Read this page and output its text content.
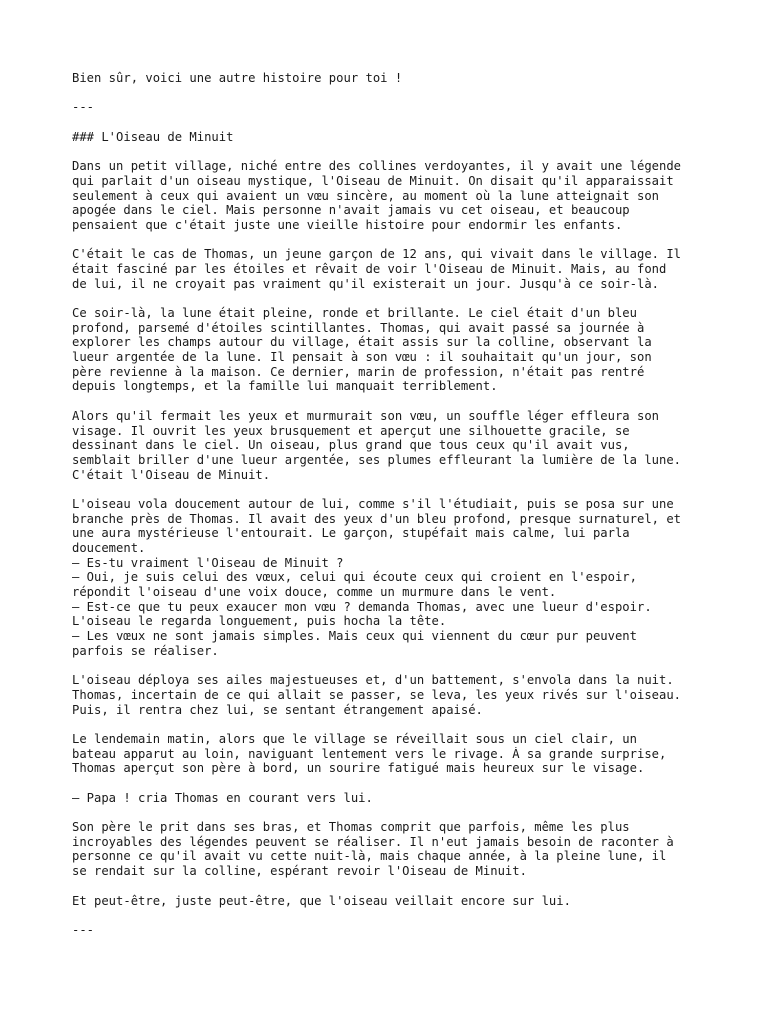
Bien sûr, voici une autre histoire pour toi !
---
### L'Oiseau de Minuit
Dans un petit village, niché entre des collines verdoyantes, il y avait une légende
qui parlait d'un oiseau mystique, l'Oiseau de Minuit. On disait qu'il apparaissait
seulement à ceux qui avaient un vœu sincère, au moment où la lune atteignait son
apogée dans le ciel. Mais personne n'avait jamais vu cet oiseau, et beaucoup
pensaient que c'était juste une vieille histoire pour endormir les enfants.
C'était le cas de Thomas, un jeune garçon de 12 ans, qui vivait dans le village. Il
était fasciné par les étoiles et rêvait de voir l'Oiseau de Minuit. Mais, au fond
de lui, il ne croyait pas vraiment qu'il existerait un jour. Jusqu'à ce soir-là.
Ce soir-là, la lune était pleine, ronde et brillante. Le ciel était d'un bleu
profond, parsemé d'étoiles scintillantes. Thomas, qui avait passé sa journée à
explorer les champs autour du village, était assis sur la colline, observant la
lueur argentée de la lune. Il pensait à son vœu : il souhaitait qu'un jour, son
père revienne à la maison. Ce dernier, marin de profession, n'était pas rentré
depuis longtemps, et la famille lui manquait terriblement.
Alors qu'il fermait les yeux et murmurait son vœu, un souffle léger effleura son
visage. Il ouvrit les yeux brusquement et aperçut une silhouette gracile, se
dessinant dans le ciel. Un oiseau, plus grand que tous ceux qu'il avait vus,
semblait briller d'une lueur argentée, ses plumes effleurant la lumière de la lune.
C'était l'Oiseau de Minuit.
L'oiseau vola doucement autour de lui, comme s'il l'étudiait, puis se posa sur une
branche près de Thomas. Il avait des yeux d'un bleu profond, presque surnaturel, et
une aura mystérieuse l'entourait. Le garçon, stupéfait mais calme, lui parla
doucement.
– Es-tu vraiment l'Oiseau de Minuit ?
– Oui, je suis celui des vœux, celui qui écoute ceux qui croient en l'espoir,
répondit l'oiseau d'une voix douce, comme un murmure dans le vent.
– Est-ce que tu peux exaucer mon vœu ? demanda Thomas, avec une lueur d'espoir.
L'oiseau le regarda longuement, puis hocha la tête.
– Les vœux ne sont jamais simples. Mais ceux qui viennent du cœur pur peuvent
parfois se réaliser.
L'oiseau déploya ses ailes majestueuses et, d'un battement, s'envola dans la nuit.
Thomas, incertain de ce qui allait se passer, se leva, les yeux rivés sur l'oiseau.
Puis, il rentra chez lui, se sentant étrangement apaisé.
Le lendemain matin, alors que le village se réveillait sous un ciel clair, un
bateau apparut au loin, naviguant lentement vers le rivage. À sa grande surprise,
Thomas aperçut son père à bord, un sourire fatigué mais heureux sur le visage.
– Papa ! cria Thomas en courant vers lui.
Son père le prit dans ses bras, et Thomas comprit que parfois, même les plus
incroyables des légendes peuvent se réaliser. Il n'eut jamais besoin de raconter à
personne ce qu'il avait vu cette nuit-là, mais chaque année, à la pleine lune, il
se rendait sur la colline, espérant revoir l'Oiseau de Minuit.
Et peut-être, juste peut-être, que l'oiseau veillait encore sur lui.
---
